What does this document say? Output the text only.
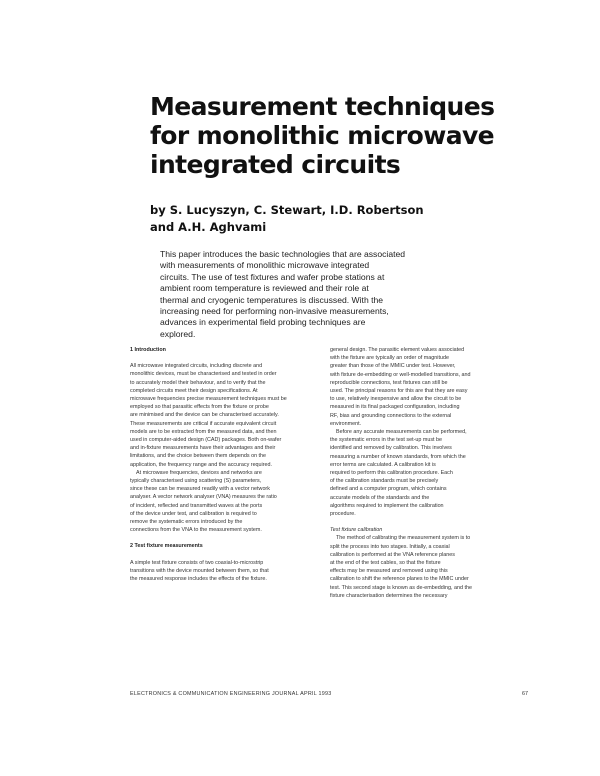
Measurement techniques
for monolithic microwave
integrated circuits
by S. Lucyszyn, C. Stewart, I.D. Robertson
and A.H. Aghvami
This paper introduces the basic technologies that are associated
with measurements of monolithic microwave integrated
circuits. The use of test fixtures and wafer probe stations at
ambient room temperature is reviewed and their role at
thermal and cryogenic temperatures is discussed. With the
increasing need for performing non-invasive measurements,
advances in experimental field probing techniques are
explored.
1 Introduction
All microwave integrated circuits, including discrete and
monolithic devices, must be characterised and tested in order
to accurately model their behaviour, and to verify that the
completed circuits meet their design specifications. At
microwave frequencies precise measurement techniques must be
employed so that parasitic effects from the fixture or probe
are minimised and the device can be characterised accurately.
These measurements are critical if accurate equivalent circuit
models are to be extracted from the measured data, and then
used in computer-aided design (CAD) packages. Both on-wafer
and in-fixture measurements have their advantages and their
limitations, and the choice between them depends on the
application, the frequency range and the accuracy required.
At microwave frequencies, devices and networks are
typically characterised using scattering (S) parameters,
since these can be measured readily with a vector network
analyser. A vector network analyser (VNA) measures the ratio
of incident, reflected and transmitted waves at the ports
of the device under test, and calibration is required to
remove the systematic errors introduced by the
connections from the VNA to the measurement system.
2 Test fixture measurements
A simple test fixture consists of two coaxial-to-microstrip
transitions with the device mounted between them, so that
the measured response includes the effects of the fixture.
general design. The parasitic element values associated
with the fixture are typically an order of magnitude
greater than those of the MMIC under test. However,
with fixture de-embedding or well-modelled transitions, and
reproducible connections, test fixtures can still be
used. The principal reasons for this are that they are easy
to use, relatively inexpensive and allow the circuit to be
measured in its final packaged configuration, including
RF, bias and grounding connections to the external
environment.
Before any accurate measurements can be performed,
the systematic errors in the test set-up must be
identified and removed by calibration. This involves
measuring a number of known standards, from which the
error terms are calculated. A calibration kit is
required to perform this calibration procedure. Each
of the calibration standards must be precisely
defined and a computer program, which contains
accurate models of the standards and the
algorithms required to implement the calibration
procedure.
Test fixture calibration
The method of calibrating the measurement system is to
split the process into two stages. Initially, a coaxial
calibration is performed at the VNA reference planes
at the end of the test cables, so that the fixture
effects may be measured and removed using this
calibration to shift the reference planes to the MMIC under
test. This second stage is known as de-embedding, and the
fixture characterisation determines the necessary
ELECTRONICS & COMMUNICATION ENGINEERING JOURNAL APRIL 1993	67
